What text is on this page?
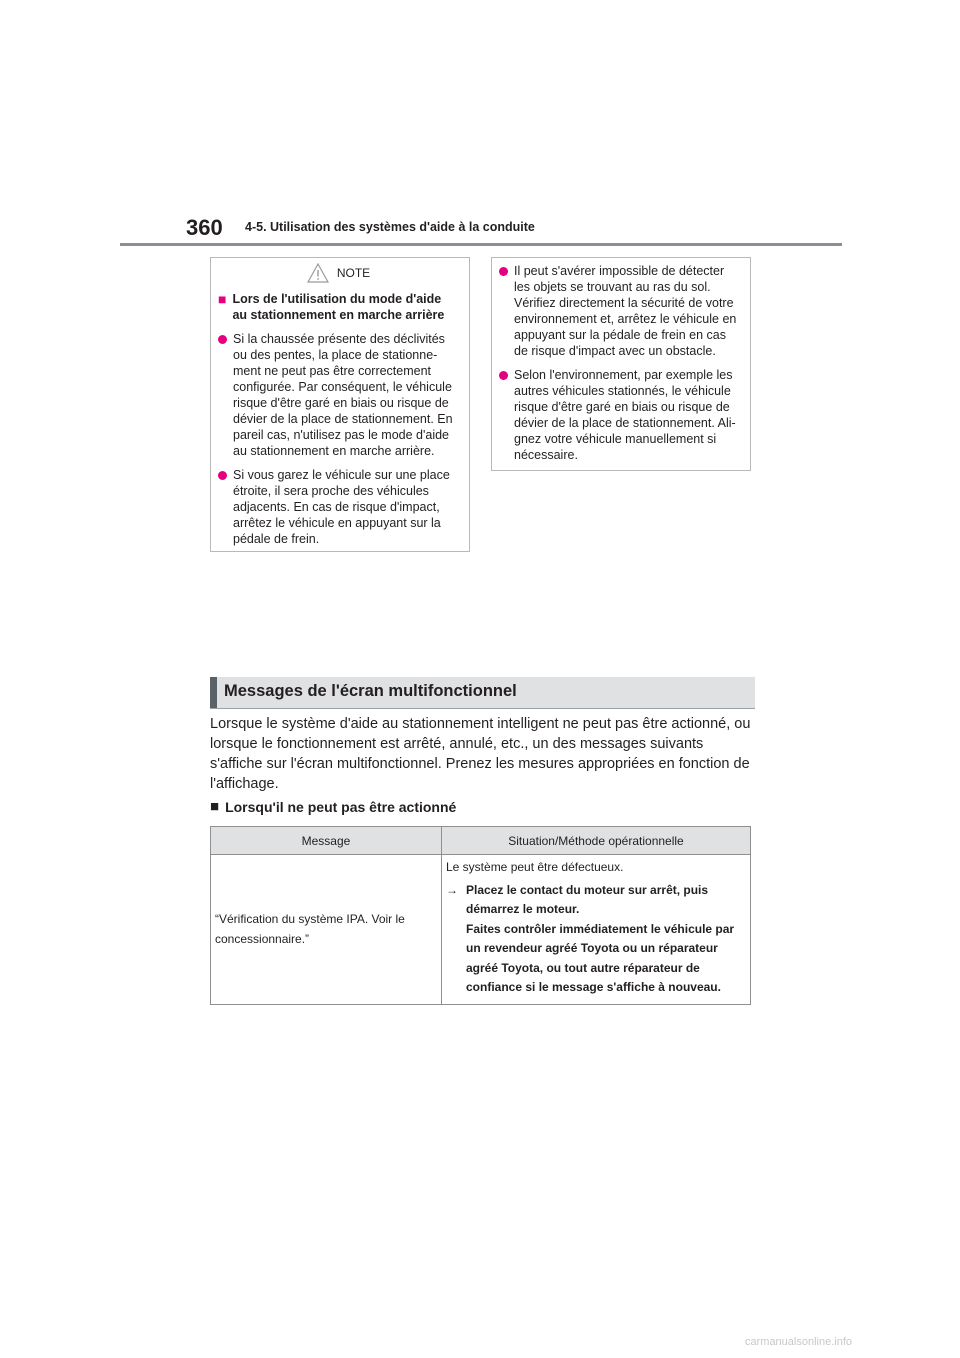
360 4-5. Utilisation des systèmes d'aide à la conduite
NOTE
■ Lors de l'utilisation du mode d'aide au stationnement en marche arrière
Si la chaussée présente des déclivités ou des pentes, la place de stationne-ment ne peut pas être correctement configurée. Par conséquent, le véhicule risque d'être garé en biais ou risque de dévier de la place de stationnement. En pareil cas, n'utilisez pas le mode d'aide au stationnement en marche arrière.
Si vous garez le véhicule sur une place étroite, il sera proche des véhicules adjacents. En cas de risque d'impact, arrêtez le véhicule en appuyant sur la pédale de frein.
Il peut s'avérer impossible de détecter les objets se trouvant au ras du sol. Vérifiez directement la sécurité de votre environnement et, arrêtez le véhicule en appuyant sur la pédale de frein en cas de risque d'impact avec un obstacle.
Selon l'environnement, par exemple les autres véhicules stationnés, le véhicule risque d'être garé en biais ou risque de dévier de la place de stationnement. Ali-gnez votre véhicule manuellement si nécessaire.
Messages de l'écran multifonctionnel
Lorsque le système d'aide au stationnement intelligent ne peut pas être actionné, ou lorsque le fonctionnement est arrêté, annulé, etc., un des messages suivants s'affiche sur l'écran multifonctionnel. Prenez les mesures appropriées en fonction de l'affichage.
■ Lorsqu'il ne peut pas être actionné
Message	Situation/Méthode opérationnelle
“Vérification du système IPA. Voir le concessionnaire.”	Le système peut être défectueux.
→ Placez le contact du moteur sur arrêt, puis démarrez le moteur.
Faites contrôler immédiatement le véhicule par un revendeur agréé Toyota ou un réparateur agréé Toyota, ou tout autre réparateur de confiance si le message s'affiche à nouveau.
carmanualsonline.info
